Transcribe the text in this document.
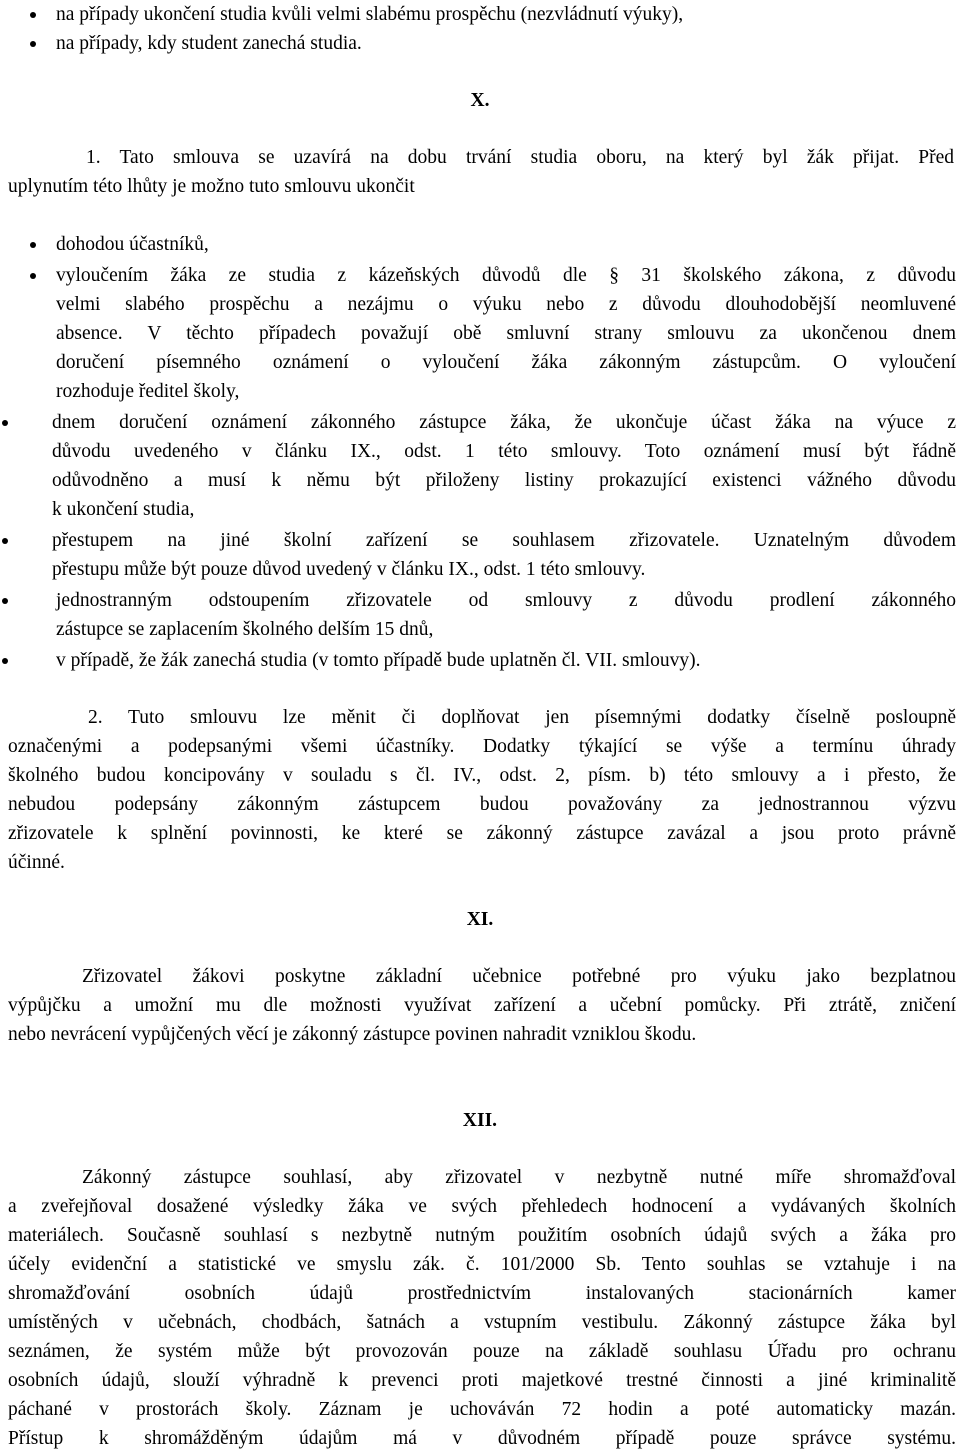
na případy ukončení studia kvůli velmi slabému prospěchu (nezvládnutí výuky),
na případy, kdy student zanechá studia.
X.
1. Tato smlouva se uzavírá na dobu trvání studia oboru, na který byl žák přijat. Před
uplynutím této lhůty je možno tuto smlouvu ukončit
dohodou účastníků,
vyloučením žáka ze studia z kázeňských důvodů dle § 31 školského zákona, z důvodu
velmi slabého prospěchu a nezájmu o výuku nebo z důvodu dlouhodobější neomluvené
absence. V těchto případech považují obě smluvní strany smlouvu za ukončenou dnem
doručení písemného oznámení o vyloučení žáka zákonným zástupcům. O vyloučení
rozhoduje ředitel školy,
dnem doručení oznámení zákonného zástupce žáka, že ukončuje účast žáka na výuce z
důvodu uvedeného v článku IX., odst. 1 této smlouvy. Toto oznámení musí být řádně
odůvodněno a musí k němu být přiloženy listiny prokazující existenci vážného důvodu
k ukončení studia,
přestupem na jiné školní zařízení se souhlasem zřizovatele. Uznatelným důvodem
přestupu může být pouze důvod uvedený v článku IX., odst. 1 této smlouvy.
jednostranným odstoupením zřizovatele od smlouvy z důvodu prodlení zákonného
zástupce se zaplacením školného delším 15 dnů,
v případě, že žák zanechá studia (v tomto případě bude uplatněn čl. VII. smlouvy).
2. Tuto smlouvu lze měnit či doplňovat jen písemnými dodatky číselně posloupně
označenými a podepsanými všemi účastníky. Dodatky týkající se výše a termínu úhrady
školného budou koncipovány v souladu s čl. IV., odst. 2, písm. b) této smlouvy a i přesto, že
nebudou podepsány zákonným zástupcem budou považovány za jednostrannou výzvu
zřizovatele k splnění povinnosti, ke které se zákonný zástupce zavázal a jsou proto právně
účinné.
XI.
Zřizovatel žákovi poskytne základní učebnice potřebné pro výuku jako bezplatnou
výpůjčku a umožní mu dle možnosti využívat zařízení a učební pomůcky. Při ztrátě, zničení
nebo nevrácení vypůjčených věcí je zákonný zástupce povinen nahradit vzniklou škodu.
XII.
Zákonný zástupce souhlasí, aby zřizovatel v nezbytně nutné míře shromažďoval
a zveřejňoval dosažené výsledky žáka ve svých přehledech hodnocení a vydávaných školních
materiálech. Současně souhlasí s nezbytně nutným použitím osobních údajů svých a žáka pro
účely evidenční a statistické ve smyslu zák. č. 101/2000 Sb. Tento souhlas se vztahuje i na
shromažďování osobních údajů prostřednictvím instalovaných stacionárních kamer
umístěných v učebnách, chodbách, šatnách a vstupním vestibulu. Zákonný zástupce žáka byl
seznámen, že systém může být provozován pouze na základě souhlasu Úřadu pro ochranu
osobních údajů, slouží výhradně k prevenci proti majetkové trestné činnosti a jiné kriminalitě
páchané v prostorách školy. Záznam je uchováván 72 hodin a poté automaticky mazán.
Přístup k shromážděným údajům má v důvodném případě pouze správce systému.
